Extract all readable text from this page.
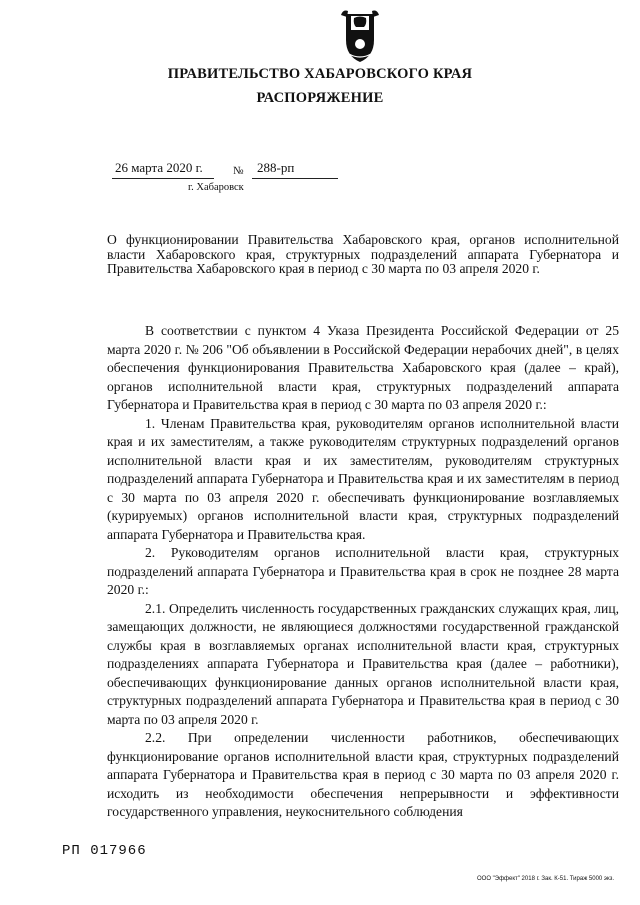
ПРАВИТЕЛЬСТВО ХАБАРОВСКОГО КРАЯ
РАСПОРЯЖЕНИЕ
26 марта 2020 г.	№ 288-рп
г. Хабаровск
О функционировании Правительства Хабаровского края, органов исполнительной власти Хабаровского края, структурных подразделений аппарата Губернатора и Правительства Хабаровского края в период с 30 марта по 03 апреля 2020 г.

В соответствии с пунктом 4 Указа Президента Российской Федерации от 25 марта 2020 г. № 206 "Об объявлении в Российской Федерации нерабочих дней", в целях обеспечения функционирования Правительства Хабаровского края (далее – край), органов исполнительной власти края, структурных подразделений аппарата Губернатора и Правительства края в период с 30 марта по 03 апреля 2020 г.:

1. Членам Правительства края, руководителям органов исполнительной власти края и их заместителям, а также руководителям структурных подразделений органов исполнительной власти края и их заместителям, руководителям структурных подразделений аппарата Губернатора и Правительства края и их заместителям в период с 30 марта по 03 апреля 2020 г. обеспечивать функционирование возглавляемых (курируемых) органов исполнительной власти края, структурных подразделений аппарата Губернатора и Правительства края.

2. Руководителям органов исполнительной власти края, структурных подразделений аппарата Губернатора и Правительства края в срок не позднее 28 марта 2020 г.:

2.1. Определить численность государственных гражданских служащих края, лиц, замещающих должности, не являющиеся должностями государственной гражданской службы края в возглавляемых органах исполнительной власти края, структурных подразделениях аппарата Губернатора и Правительства края (далее – работники), обеспечивающих функционирование данных органов исполнительной власти края, структурных подразделений аппарата Губернатора и Правительства края в период с 30 марта по 03 апреля 2020 г.

2.2. При определении численности работников, обеспечивающих функционирование органов исполнительной власти края, структурных подразделений аппарата Губернатора и Правительства края в период с 30 марта по 03 апреля 2020 г. исходить из необходимости обеспечения непрерывности и эффективности государственного управления, неукоснительного соблюдения

РП 017966
ООО "Эффект" 2018 г. Зак. К-51. Тираж 5000 экз.
